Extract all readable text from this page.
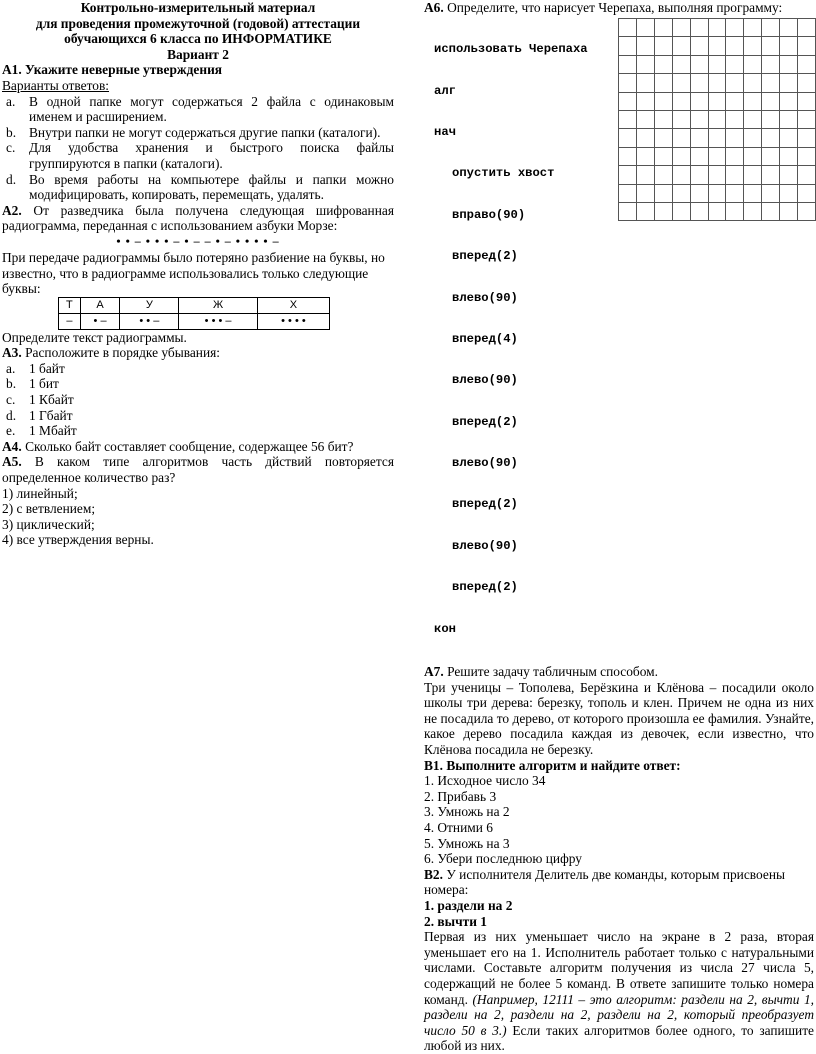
Контрольно-измерительный материал

для проведения промежуточной (годовой) аттестации

обучающихся 6 класса по ИНФОРМАТИКЕ

Вариант 2

А1. Укажите неверные утверждения

Варианты ответов:

a.	В одной папке могут содержаться 2 файла с одинаковым именем и расширением.
b. Внутри папки не могут содержаться другие папки (каталоги).
c.	Для удобства хранения и быстрого поиска файлы группируются в папки (каталоги).
d. Во время работы на компьютере файлы и папки можно модифицировать, копировать, перемещать, удалять.

А2. От разведчика была получена следующая шифрованная радиограмма, переданная с использованием азбуки Морзе:

• • – • • • – • – – • – • • • • –

При передаче радиограммы было потеряно разбиение на буквы, но известно, что в радиограмме использовались только следующие буквы:

Т	А	У	Ж	Х
–	• –	• • –	• • • –	• • • •

Определите текст радиограммы.

А3. Расположите в порядке убывания:

a.	1 байт
b. 1 бит
c.	1 Кбайт
d. 1 Гбайт
e.	1 Мбайт

А4. Сколько байт составляет сообщение, содержащее 56 бит?

А5. В каком типе алгоритмов часть дйствий повторяется определенное количество раз?

1) линейный;

2) с ветвлением;

3) циклический;

4) все утверждения верны.

А6. Определите, что нарисует Черепаха, выполняя программу:

использовать Черепаха

алг

нач

опустить хвост

вправо(90)

вперед(2)

влево(90)

вперед(4)

влево(90)

вперед(2)

влево(90)

вперед(2)

влево(90)

вперед(2)

кон

А7. Решите задачу табличным способом.

Три ученицы – Тополева, Берёзкина и Клёнова – посадили около школы три дерева: березку, тополь и клен. Причем не одна из них не посадила то дерево, от которого произошла ее фамилия. Узнайте, какое дерево посадила каждая из девочек, если известно, что Клёнова посадила не березку.

В1. Выполните алгоритм и найдите ответ:

1. Исходное число 34

2. Прибавь 3

3. Умножь на 2

4. Отними 6

5. Умножь на 3

6. Убери последнюю цифру

В2. У исполнителя Делитель две команды, которым присвоены номера:

1. раздели на 2

2. вычти 1

Первая из них уменьшает число на экране в 2 раза, вторая уменьшает его на 1. Исполнитель работает только с натуральными числами. Составьте алгоритм получения из числа 27 числа 5, содержащий не более 5 команд. В ответе запишите только номера команд. (Например, 12111 – это алгоритм: раздели на 2, вычти 1, раздели на 2, раздели на 2, раздели на 2, который преобразует число 50 в 3.) Если таких алгоритмов более одного, то запишите любой из них.
